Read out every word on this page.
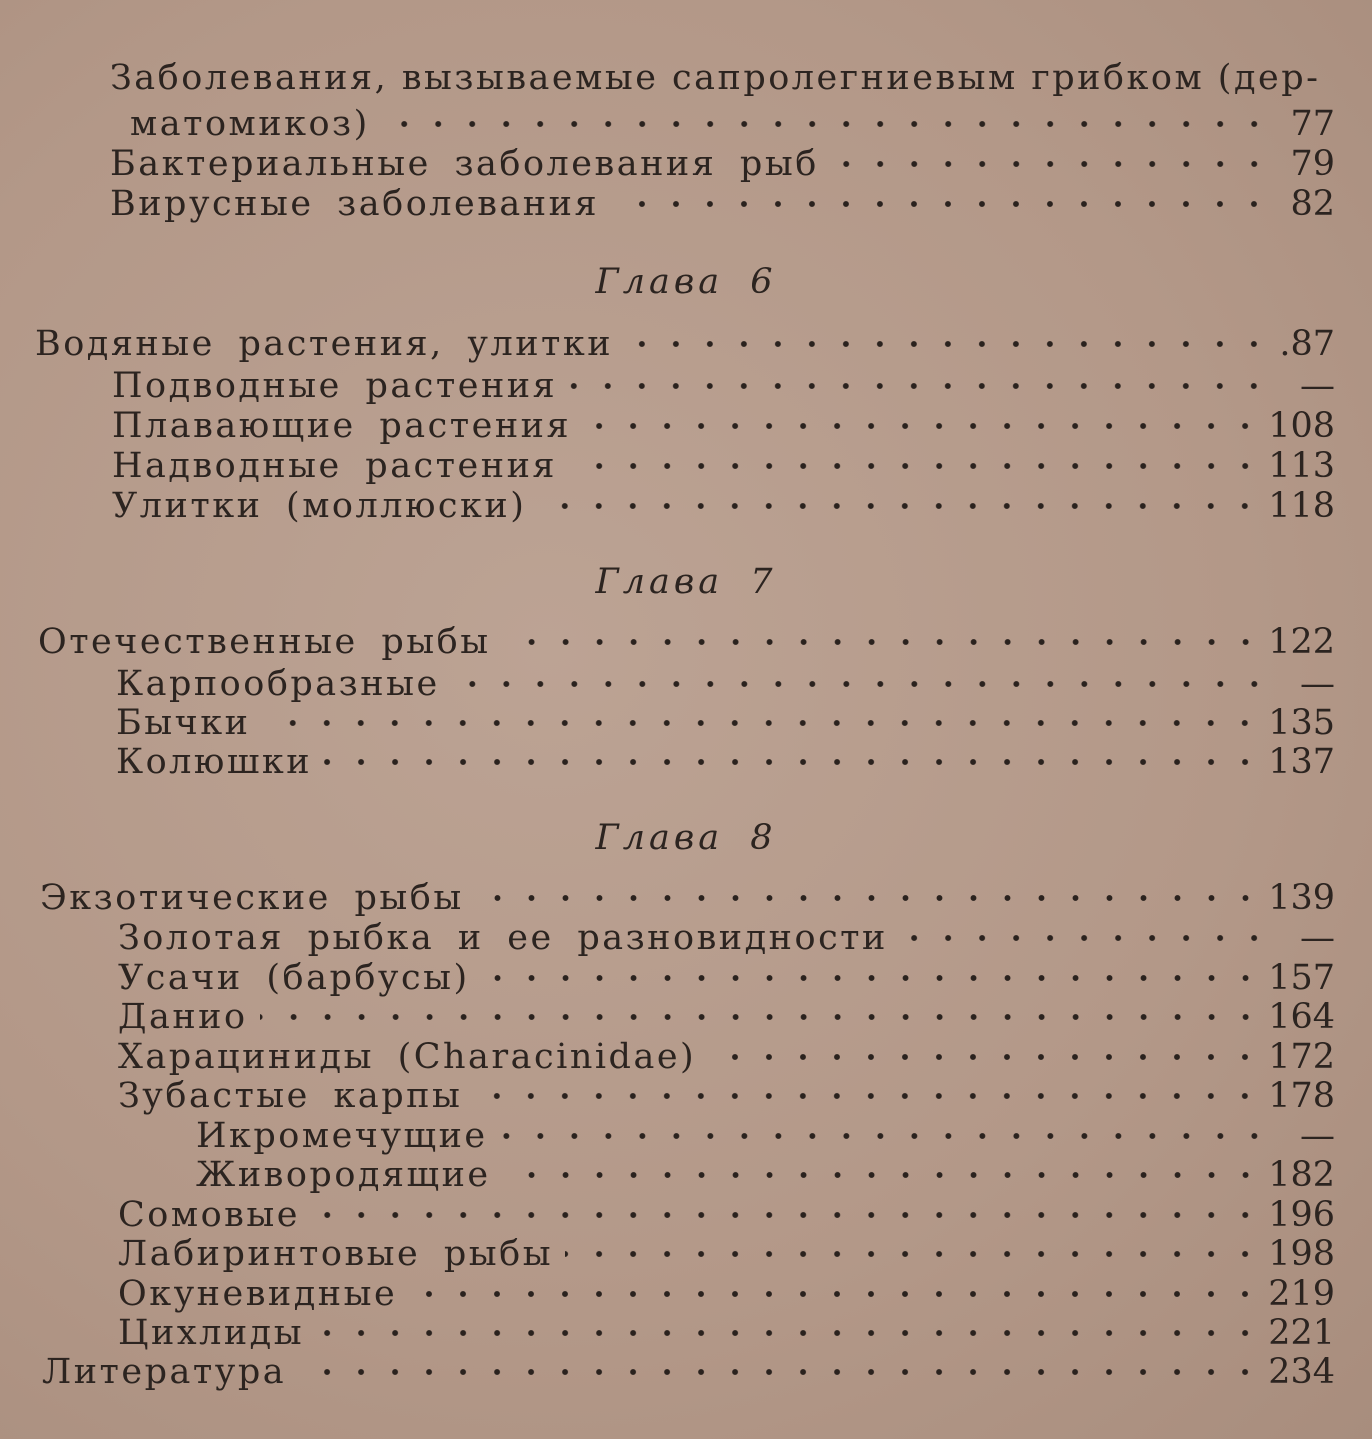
Заболевания, вызываемые сапролегниевым грибком (дер-
матомикоз)	77
Бактериальные заболевания рыб	79
Вирусные заболевания	82
Глава 6
Водяные растения, улитки	.87
Подводные растения	—
Плавающие растения	108
Надводные растения	113
Улитки (моллюски)	118
Глава 7
Отечественные рыбы	122
Карпообразные	—
Бычки	135
Колюшки	137
Глава 8
Экзотические рыбы	139
Золотая рыбка и ее разновидности	—
Усачи (барбусы)	157
Данио	164
Харациниды (Characinidae)	172
Зубастые карпы	178
Икромечущие	—
Живородящие	182
Сомовые	196
Лабиринтовые рыбы	198
Окуневидные	219
Цихлиды	221
Литература	234
